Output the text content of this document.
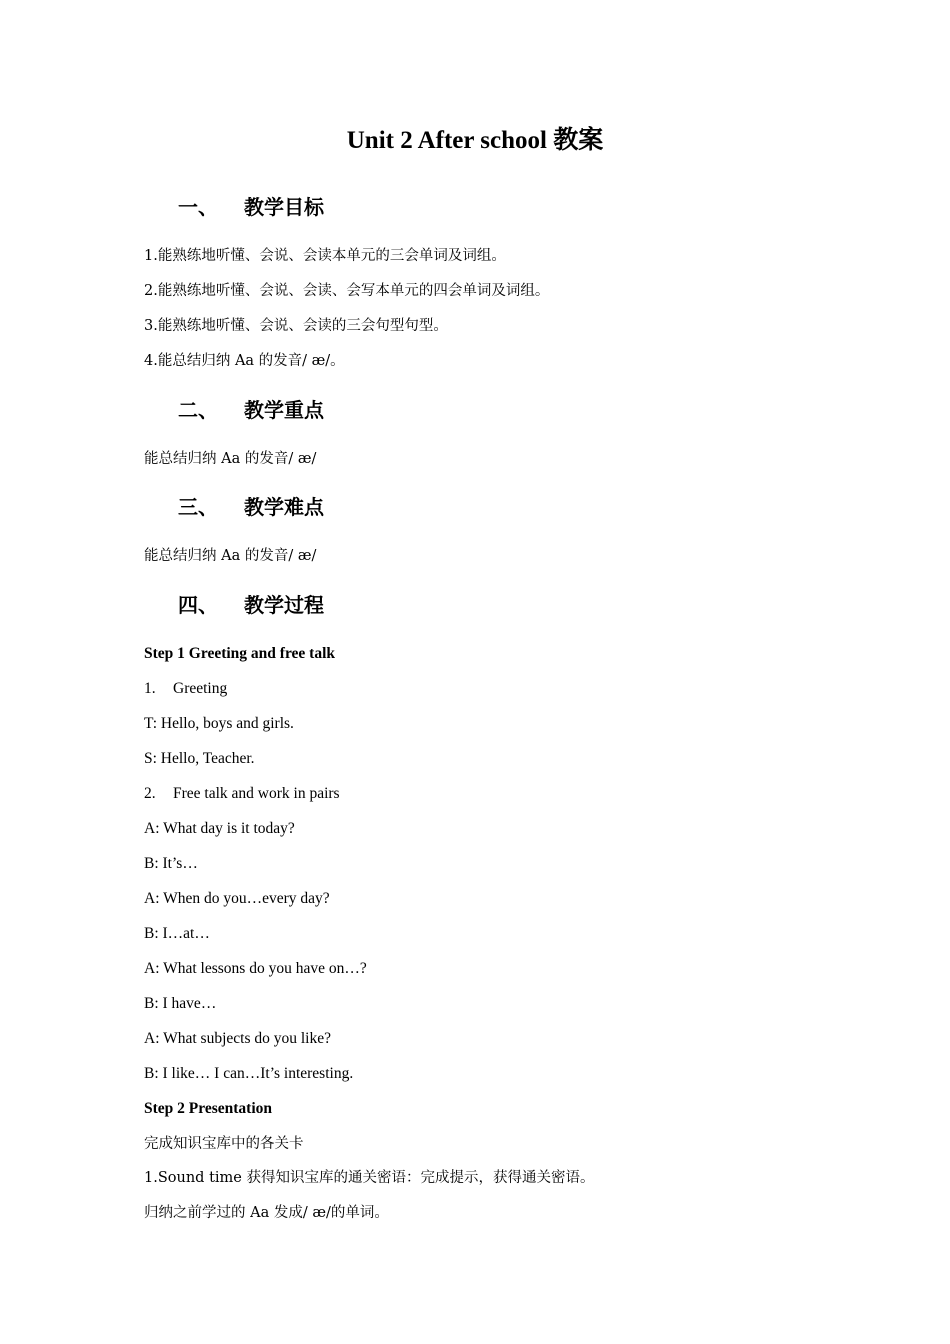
Unit 2 After school 教案
一、 教学目标
1.能熟练地听懂、会说、会读本单元的三会单词及词组。
2.能熟练地听懂、会说、会读、会写本单元的四会单词及词组。
3.能熟练地听懂、会说、会读的三会句型句型。
4.能总结归纳 Aa 的发音/ æ/。
二、 教学重点
能总结归纳 Aa 的发音/ æ/
三、 教学难点
能总结归纳 Aa 的发音/ æ/
四、 教学过程
Step 1 Greeting and free talk
1. Greeting
T: Hello, boys and girls.
S: Hello, Teacher.
2. Free talk and work in pairs
A: What day is it today?
B: It’s…
A: When do you…every day?
B: I…at…
A: What lessons do you have on…?
B: I have…
A: What subjects do you like?
B: I like… I can…It’s interesting.
Step 2 Presentation
完成知识宝库中的各关卡
1.Sound time 获得知识宝库的通关密语：完成提示，获得通关密语。
归纳之前学过的 Aa 发成/ æ/的单词。
